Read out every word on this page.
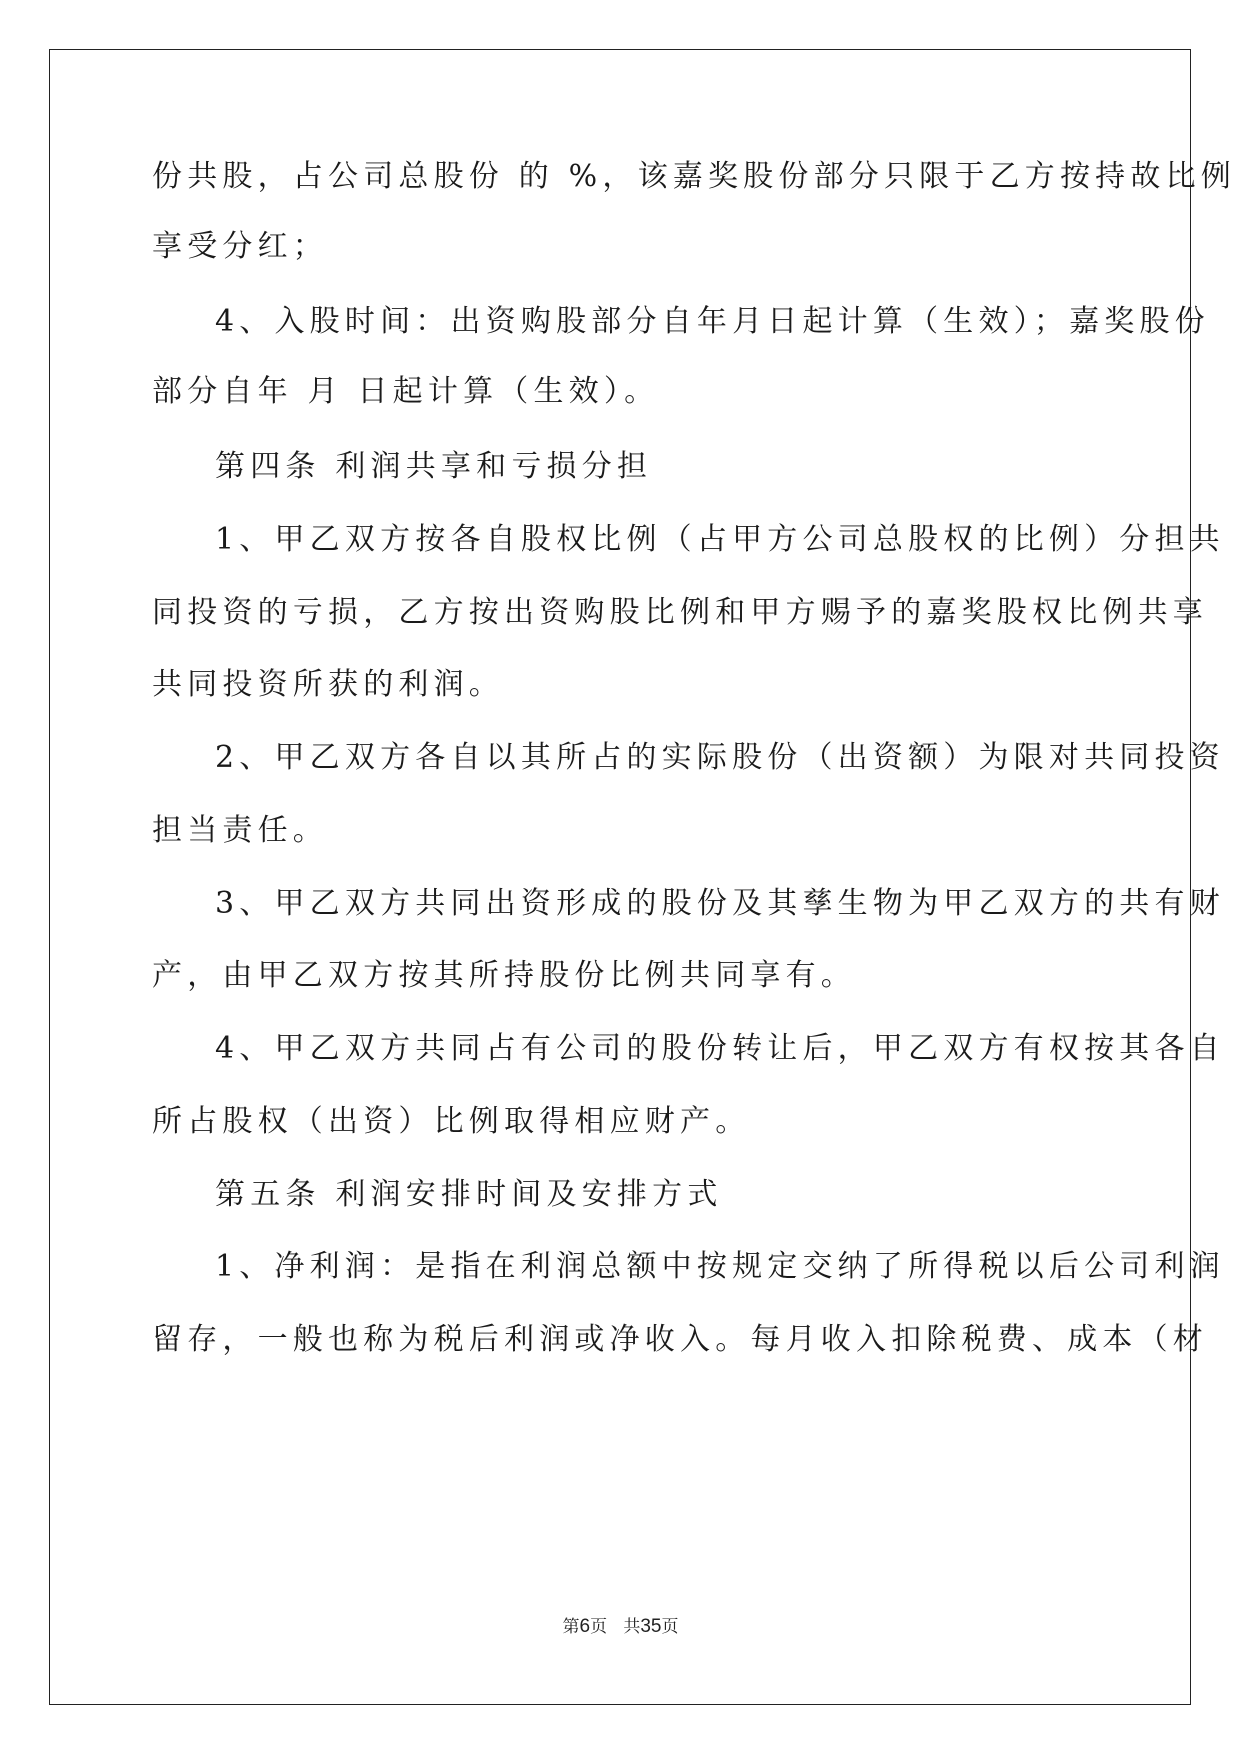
份共股，占公司总股份 的 %，该嘉奖股份部分只限于乙方按持故比例
享受分红；
4、入股时间：出资购股部分自年月日起计算（生效）；嘉奖股份
部分自年 月 日起计算（生效）。
第四条 利润共享和亏损分担
1、甲乙双方按各自股权比例（占甲方公司总股权的比例）分担共
同投资的亏损，乙方按出资购股比例和甲方赐予的嘉奖股权比例共享
共同投资所获的利润。
2、甲乙双方各自以其所占的实际股份（出资额）为限对共同投资
担当责任。
3、甲乙双方共同出资形成的股份及其孳生物为甲乙双方的共有财
产，由甲乙双方按其所持股份比例共同享有。
4、甲乙双方共同占有公司的股份转让后，甲乙双方有权按其各自
所占股权（出资）比例取得相应财产。
第五条 利润安排时间及安排方式
1、净利润：是指在利润总额中按规定交纳了所得税以后公司利润
留存，一般也称为税后利润或净收入。每月收入扣除税费、成本（材
第6页 共35页
